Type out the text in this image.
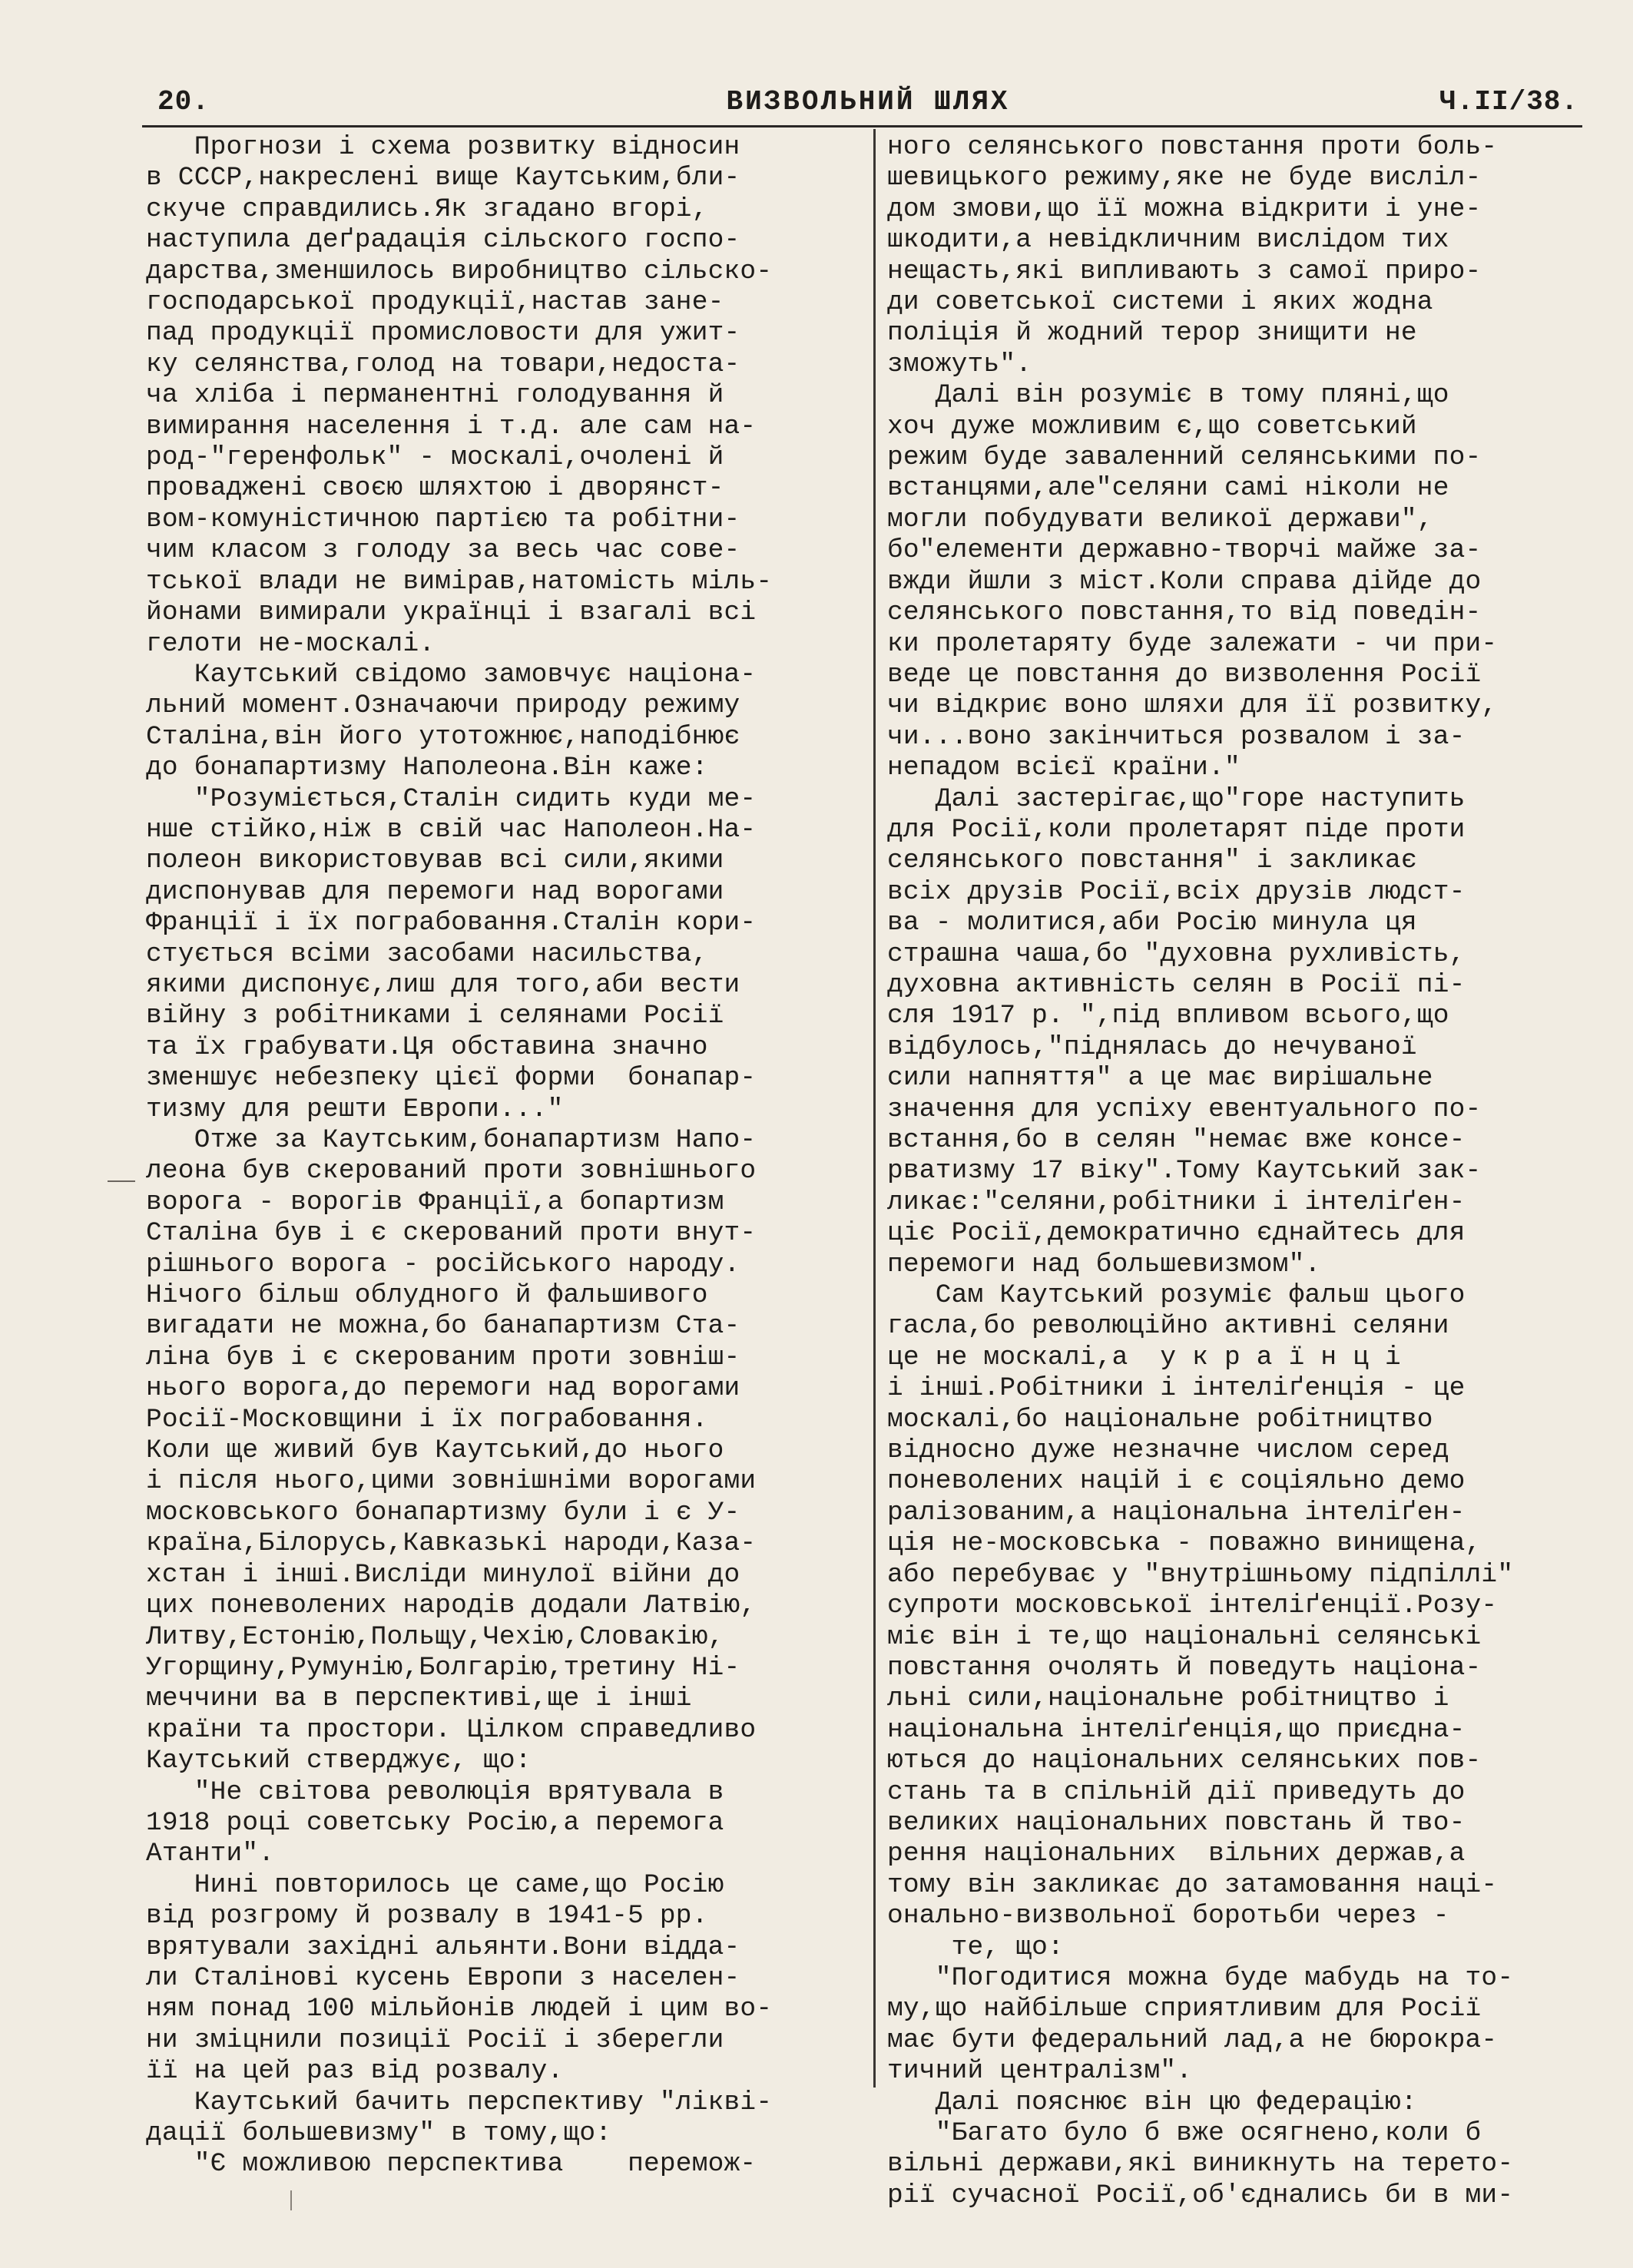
ВИЗВОЛЬНИЙ ШЛЯХ
20.	Ч.II/38.

Прогнози і схема розвитку відносин

в СССР,накреслені вище Каутським,бли-

скуче справдились.Як згадано вгорі,

наступила деґрадація сільского госпо-

дарства,зменшилось виробництво сільско-

господарської продукції,настав зане-

пад продукції промисловости для ужит-

ку селянства,голод на товари,недоста-

ча хліба і перманентні голодування й

вимирання населення і т.д. але сам на-

род-"геренфольк" - москалі,очолені й

проваджені своєю шляхтою і дворянст-

вом-комуністичною партією та робітни-

чим класом з голоду за весь час сове-

тської влади не вимірав,натомість міль-

йонами вимирали українці і взагалі всі

гелоти не-москалі.

Каутський свідомо замовчує націона-

льний момент.Означаючи природу режиму

Сталіна,він його утотожнює,наподібнює

до бонапартизму Наполеона.Він каже:

"Розуміється,Сталін сидить куди ме-

нше стійко,ніж в свій час Наполеон.На-

полеон використовував всі сили,якими

диспонував для перемоги над ворогами

Франції і їх пограбовання.Сталін кори-

стується всіми засобами насильства,

якими диспонує,лиш для того,аби вести

війну з робітниками і селянами Росії

та їх грабувати.Ця обставина значно

зменшує небезпеку цієї форми  бонапар-

тизму для решти Европи..."

Отже за Каутським,бонапартизм Напо-

леона був скерований проти зовнішнього

ворога - ворогів Франції,а бопартизм

Сталіна був і є скерований проти внут-

рішнього ворога - російського народу.

Нічого більш облудного й фальшивого

вигадати не можна,бо банапартизм Ста-

ліна був і є скерованим проти зовніш-

нього ворога,до перемоги над ворогами

Росії-Московщини і їх пограбовання.

Коли ще живий був Каутський,до нього

і після нього,цими зовнішніми ворогами

московського бонапартизму були і є У-

країна,Білорусь,Кавказькі народи,Каза-

хстан і інші.Висліди минулої війни до

цих поневолених народів додали Латвію,

Литву,Естонію,Польщу,Чехію,Словакію,

Угорщину,Румунію,Болгарію,третину Ні-

меччини ва в перспективі,ще і інші

країни та простори. Цілком справедливо

Каутський стверджує, що:

"Не світова революція врятувала в

1918 році советську Росію,а перемога

Атанти".

Нині повторилось це саме,що Росію

від розгрому й розвалу в 1941-5 рр.

врятували західні альянти.Вони відда-

ли Сталінові кусень Европи з населен-

ням понад 100 мільйонів людей і цим во-

ни зміцнили позиції Росії і зберегли

її на цей раз від розвалу.

Каутський бачить перспективу "ліквi-

дації большевизму" в тому,що:

"Є можливою перспектива    перемож-

ного селянського повстання проти боль-

шевицького режиму,яке не буде висліл-

дом змови,що її можна відкрити і уне-

шкодити,а невідкличним вислідом тих

нещасть,які випливають з самої приро-

ди советської системи і яких жодна

поліція й жодний терор знищити не

зможуть".

Далі він розуміє в тому пляні,що

хоч дуже можливим є,що советський

режим буде заваленний селянськими по-

встанцями,але"селяни самі ніколи не

могли побудувати великої держави",

бо"елементи державно-творчі майже за-

вжди йшли з міст.Коли справа дійде до

селянського повстання,то від поведін-

ки пролетаряту буде залежати - чи при-

веде це повстання до визволення Росії

чи відкриє воно шляхи для її розвитку,

чи...воно закінчиться розвалом і за-

непадом всієї країни."

Далі застерігає,що"горе наступить

для Росії,коли пролетарят піде проти

селянського повстання" і закликає

всіх друзів Росії,всіх друзів людст-

ва - молитися,аби Росію минула ця

страшна чаша,бо "духовна рухливість,

духовна активність селян в Росії пі-

сля 1917 р. ",під впливом всього,що

відбулось,"піднялась до нечуваної

сили напняття" а це має вирішальне

значення для успіху евентуального по-

встання,бо в селян "немає вже консе-

рватизму 17 віку".Тому Каутський зак-

ликає:"селяни,робітники і інтеліґен-

ціє Росії,демократично єднайтесь для

перемоги над большевизмом".

Сам Каутський розуміє фальш цього

гасла,бо революційно активні селяни

це не москалі,а  у к р а ї н ц і

і інші.Робітники і інтеліґенція - це

москалі,бо національне робітництво

відносно дуже незначне числом серед

поневолених націй і є соціяльно демо

ралізованим,а національна інтеліґен-

ція не-московська - поважно винищена,

або перебуває у "внутрішньому підпіллі"

супроти московської інтеліґенції.Розу-

міє він і те,що національні селянські

повстання очолять й поведуть націона-

льні сили,національне робітництво і

національна інтеліґенція,що приєдна-

ються до національних селянських пов-

стань та в спільній дії приведуть до

великих національних повстань й тво-

рення національних  вільних держав,а

тому він закликає до затамовання наці-

онально-визвольної боротьби через -

те, що:

"Погодитися можна буде мабудь на то-

му,що найбільше сприятливим для Росії

має бути федеральний лад,а не бюрокра-

тичний централізм".

Далі пояснює він цю федерацію:

"Багато було б вже осягнено,коли б

вільні держави,які виникнуть на терето-

рії сучасної Росії,об'єднались би в ми-
